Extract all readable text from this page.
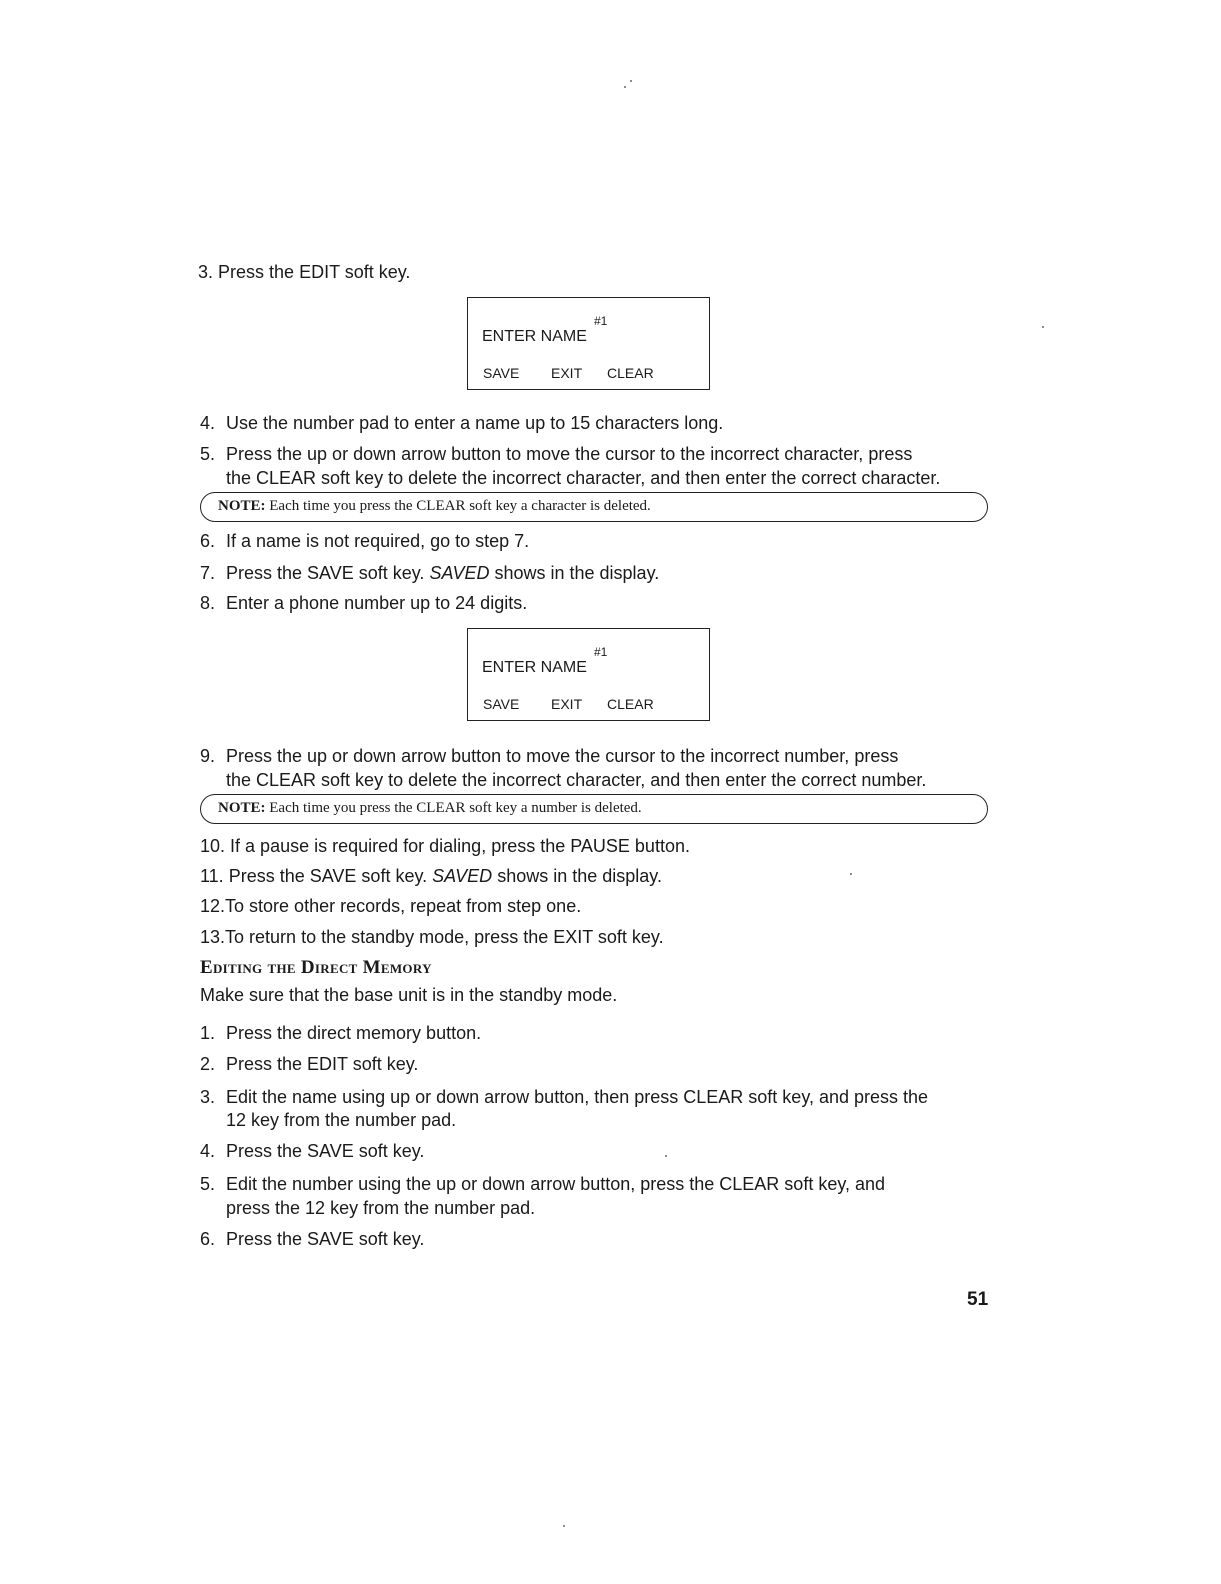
3. Press the EDIT soft key.
#1
ENTER NAME
SAVE EXIT CLEAR
4. Use the number pad to enter a name up to 15 characters long.
5. Press the up or down arrow button to move the cursor to the incorrect character, press
the CLEAR soft key to delete the incorrect character, and then enter the correct character.
NOTE: Each time you press the CLEAR soft key a character is deleted.
6. If a name is not required, go to step 7.
7. Press the SAVE soft key. SAVED shows in the display.
8. Enter a phone number up to 24 digits.
#1
ENTER NAME
SAVE EXIT CLEAR
9. Press the up or down arrow button to move the cursor to the incorrect number, press
the CLEAR soft key to delete the incorrect character, and then enter the correct number.
NOTE: Each time you press the CLEAR soft key a number is deleted.
10. If a pause is required for dialing, press the PAUSE button.
11. Press the SAVE soft key. SAVED shows in the display.
12.To store other records, repeat from step one.
13.To return to the standby mode, press the EXIT soft key.
Editing the Direct Memory
Make sure that the base unit is in the standby mode.
1. Press the direct memory button.
2. Press the EDIT soft key.
3. Edit the name using up or down arrow button, then press CLEAR soft key, and press the
12 key from the number pad.
4. Press the SAVE soft key.
5. Edit the number using the up or down arrow button, press the CLEAR soft key, and
press the 12 key from the number pad.
6. Press the SAVE soft key.
51
